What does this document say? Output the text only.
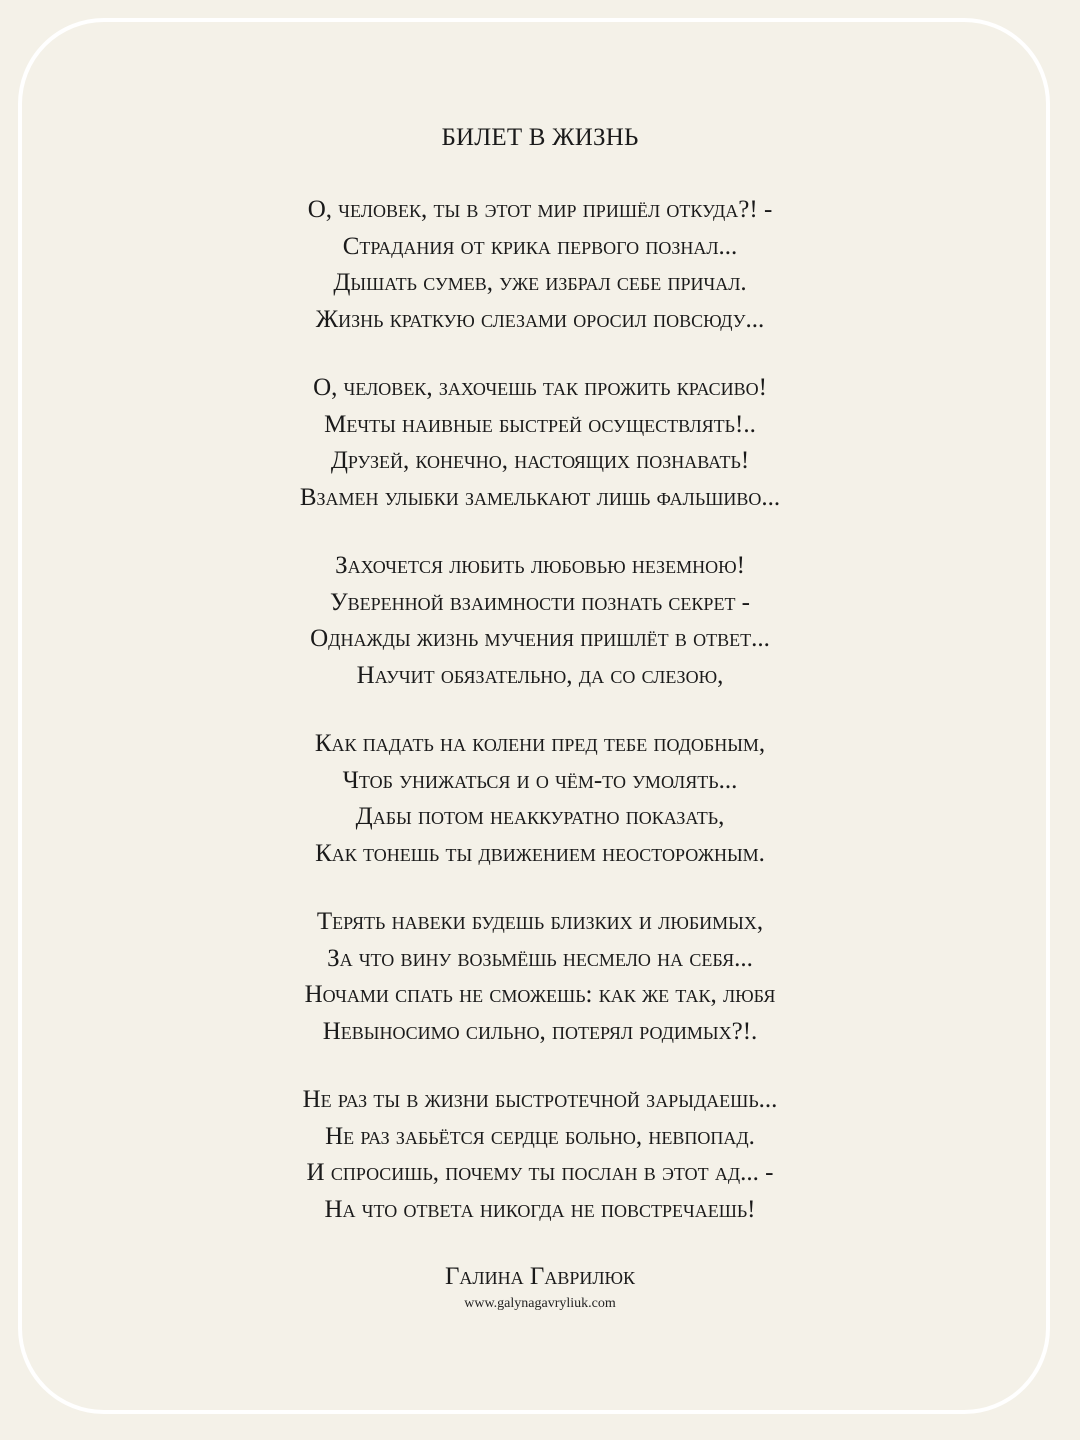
БИЛЕТ В ЖИЗНЬ
О, человек, ты в этот мир пришёл откуда?! -
Страдания от крика первого познал...
Дышать сумев, уже избрал себе причал.
Жизнь краткую слезами оросил повсюду...
О, человек, захочешь так прожить красиво!
Мечты наивные быстрей осуществлять!..
Друзей, конечно, настоящих познавать!
Взамен улыбки замелькают лишь фальшиво...
Захочется любить любовью неземною!
Уверенной взаимности познать секрет -
Однажды жизнь мучения пришлёт в ответ...
Научит обязательно, да со слезою,
Как падать на колени пред тебе подобным,
Чтоб унижаться и о чём-то умолять...
Дабы потом неаккуратно показать,
Как тонешь ты движением неосторожным.
Терять навеки будешь близких и любимых,
За что вину возьмёшь несмело на себя...
Ночами спать не сможешь: как же так, любя
Невыносимо сильно, потерял родимых?!.
Не раз ты в жизни быстротечной зарыдаешь...
Не раз забьётся сердце больно, невпопад.
И спросишь, почему ты послан в этот ад... -
На что ответа никогда не повстречаешь!
Галина Гаврилюк
www.galynagavryliuk.com
